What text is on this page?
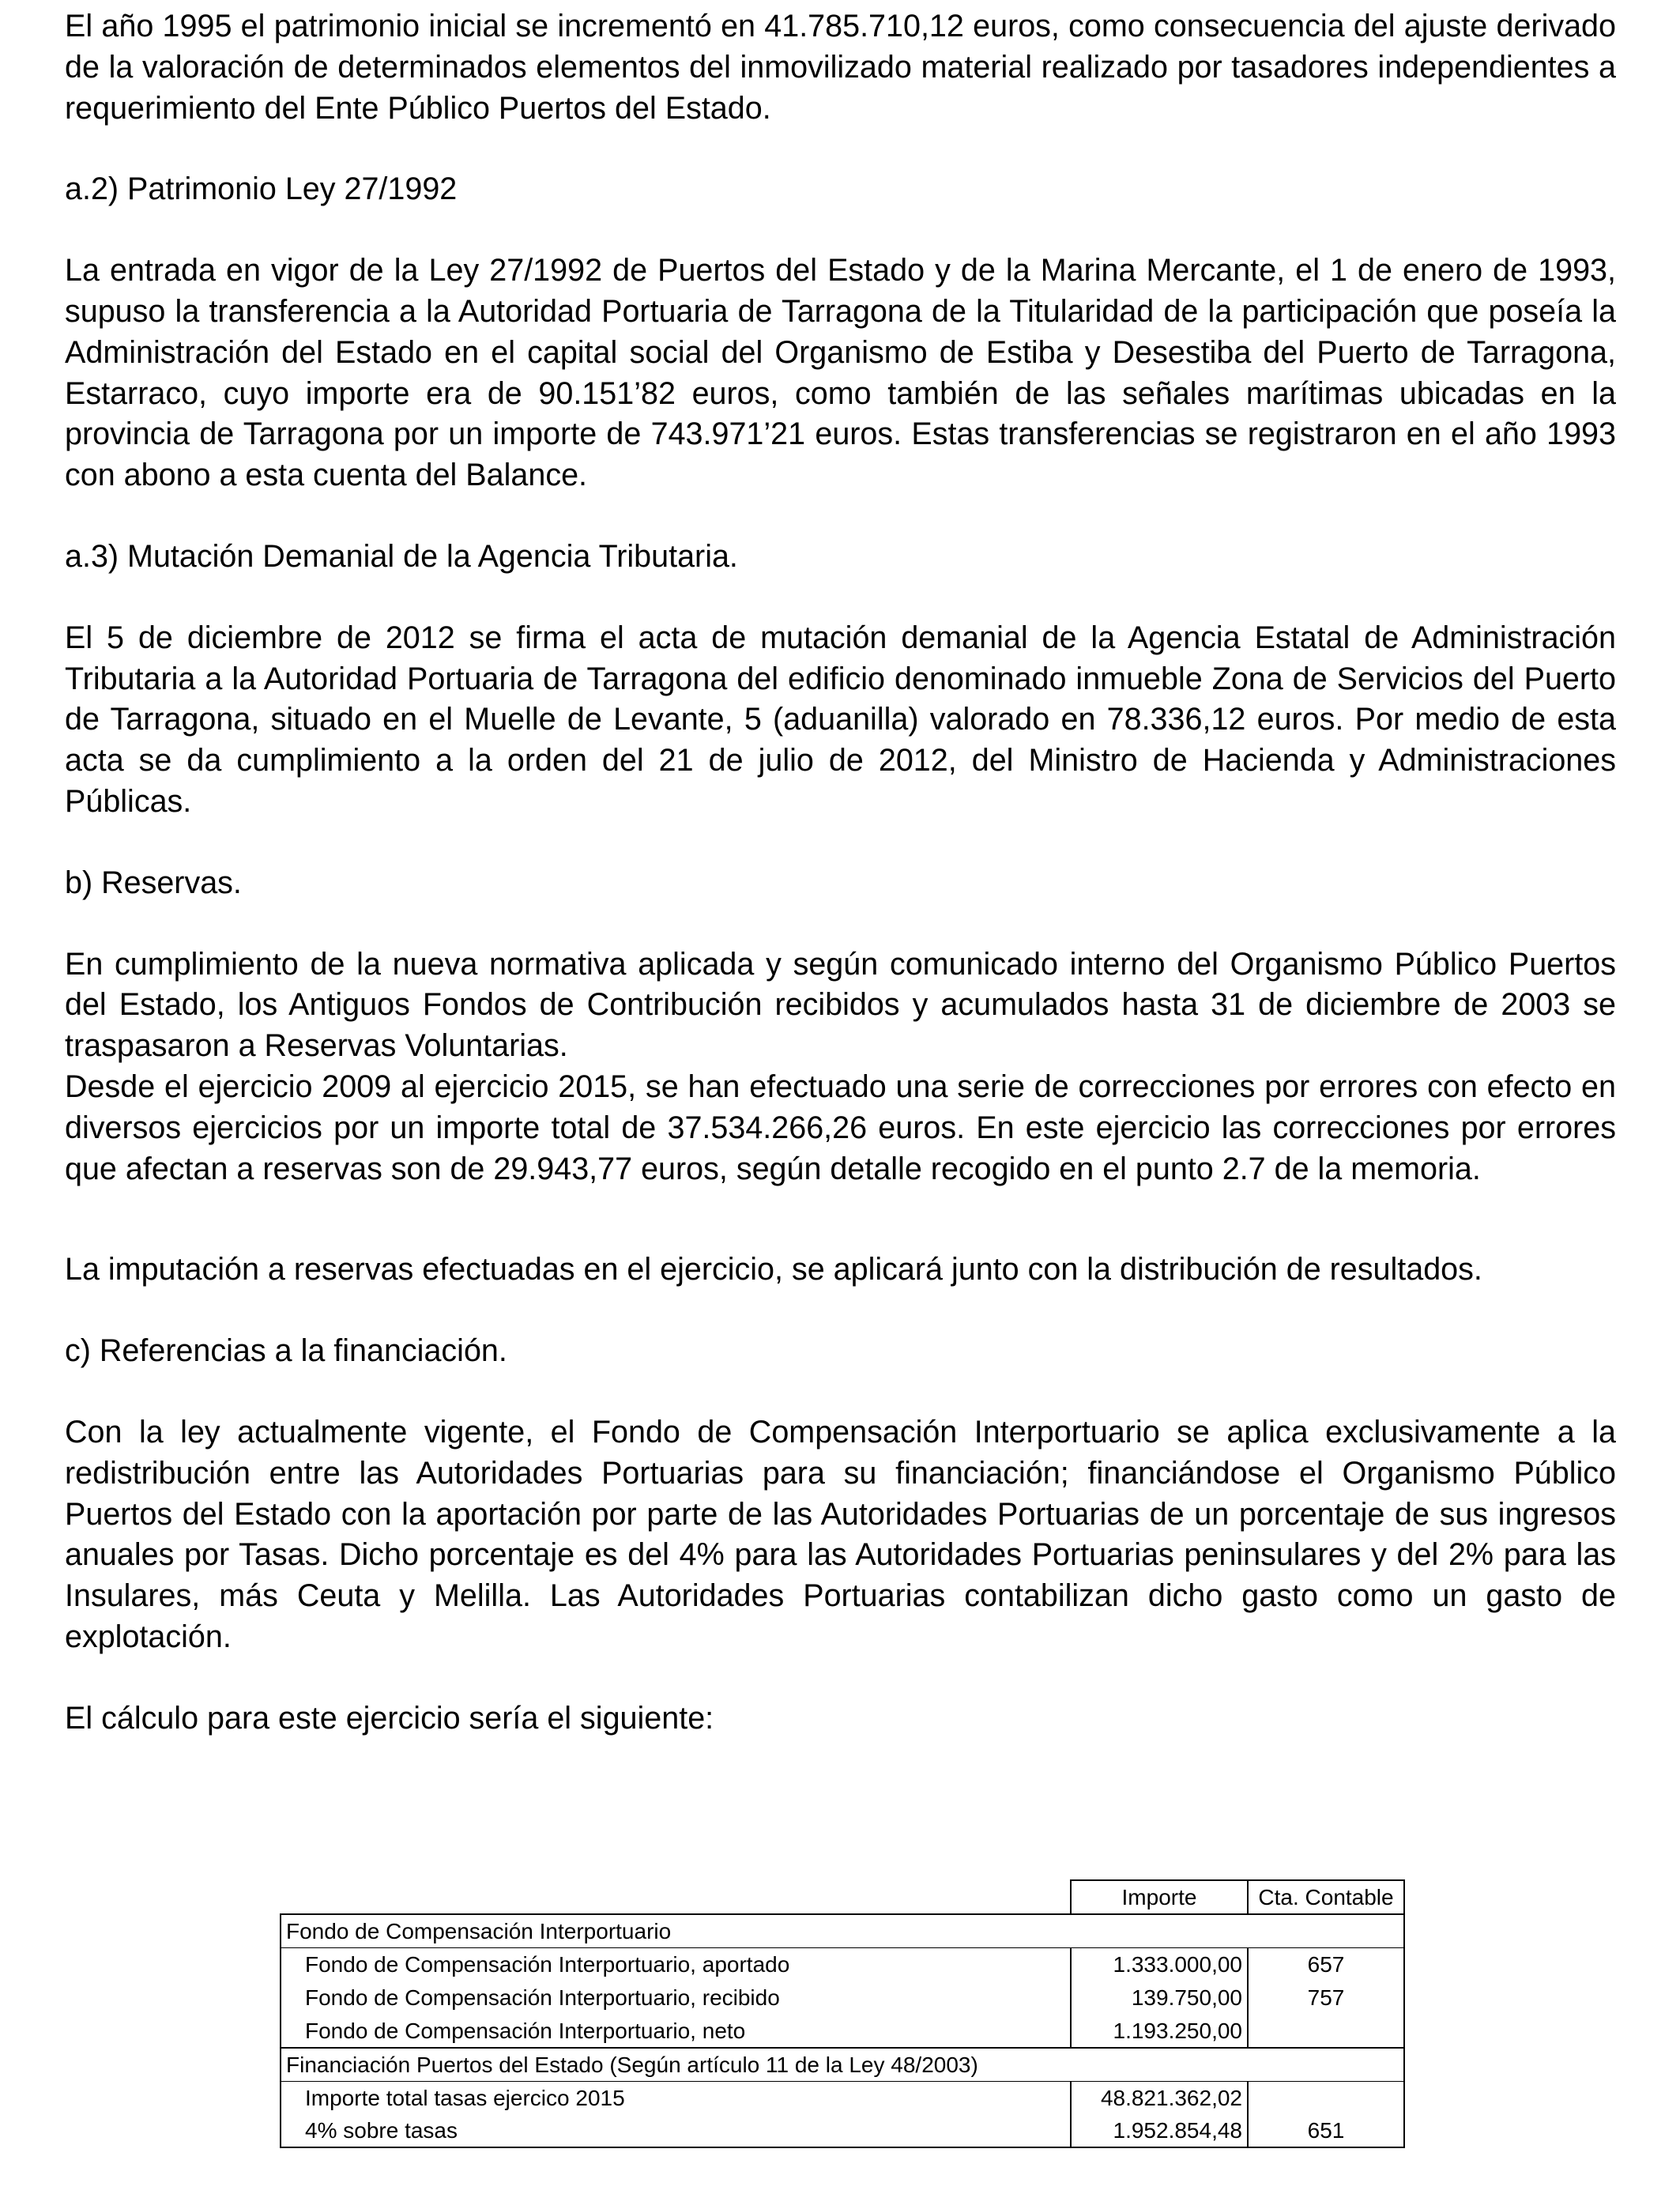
El año 1995 el patrimonio inicial se incrementó en 41.785.710,12 euros, como consecuencia del ajuste derivado de la valoración de determinados elementos del inmovilizado material realizado por tasadores independientes a requerimiento del Ente Público Puertos del Estado.

a.2) Patrimonio Ley 27/1992

La entrada en vigor de la Ley 27/1992 de Puertos del Estado y de la Marina Mercante, el 1 de enero de 1993, supuso la transferencia a la Autoridad Portuaria de Tarragona de la Titularidad de la participación que poseía la Administración del Estado en el capital social del Organismo de Estiba y Desestiba del Puerto de Tarragona, Estarraco, cuyo importe era de 90.151’82 euros, como también de las señales marítimas ubicadas en la provincia de Tarragona por un importe de 743.971’21 euros. Estas transferencias se registraron en el año 1993 con abono a esta cuenta del Balance.

a.3) Mutación Demanial de la Agencia Tributaria.

El 5 de diciembre de 2012 se firma el acta de mutación demanial de la Agencia Estatal de Administración Tributaria a la Autoridad Portuaria de Tarragona del edificio denominado inmueble Zona de Servicios del Puerto de Tarragona, situado en el Muelle de Levante, 5 (aduanilla) valorado en 78.336,12 euros. Por medio de esta acta se da cumplimiento a la orden del 21 de julio de 2012, del Ministro de Hacienda y Administraciones Públicas.

b) Reservas.

En cumplimiento de la nueva normativa aplicada y según comunicado interno del Organismo Público Puertos del Estado, los Antiguos Fondos de Contribución recibidos y acumulados hasta 31 de diciembre de 2003 se traspasaron a Reservas Voluntarias.

Desde el ejercicio 2009 al ejercicio 2015, se han efectuado una serie de correcciones por errores con efecto en diversos ejercicios por un importe total de 37.534.266,26 euros. En este ejercicio las correcciones por errores que afectan a reservas son de 29.943,77 euros, según detalle recogido en el punto 2.7 de la memoria.

La imputación a reservas efectuadas en el ejercicio, se aplicará junto con la distribución de resultados.

c) Referencias a la financiación.

Con la ley actualmente vigente, el Fondo de Compensación Interportuario se aplica exclusivamente a la redistribución entre las Autoridades Portuarias para su financiación; financiándose el Organismo Público Puertos del Estado con la aportación por parte de las Autoridades Portuarias de un porcentaje de sus ingresos anuales por Tasas. Dicho porcentaje es del 4% para las Autoridades Portuarias peninsulares y del 2% para las Insulares, más Ceuta y Melilla. Las Autoridades Portuarias contabilizan dicho gasto como un gasto de explotación.

El cálculo para este ejercicio sería el siguiente:

	Importe	Cta. Contable
Fondo de Compensación Interportuario		
Fondo de Compensación Interportuario, aportado	1.333.000,00	657
Fondo de Compensación Interportuario, recibido	139.750,00	757
Fondo de Compensación Interportuario, neto	1.193.250,00	
Financiación Puertos del Estado (Según artículo 11 de la Ley 48/2003)		
Importe total tasas ejercico 2015	48.821.362,02	
4% sobre tasas	1.952.854,48	651
